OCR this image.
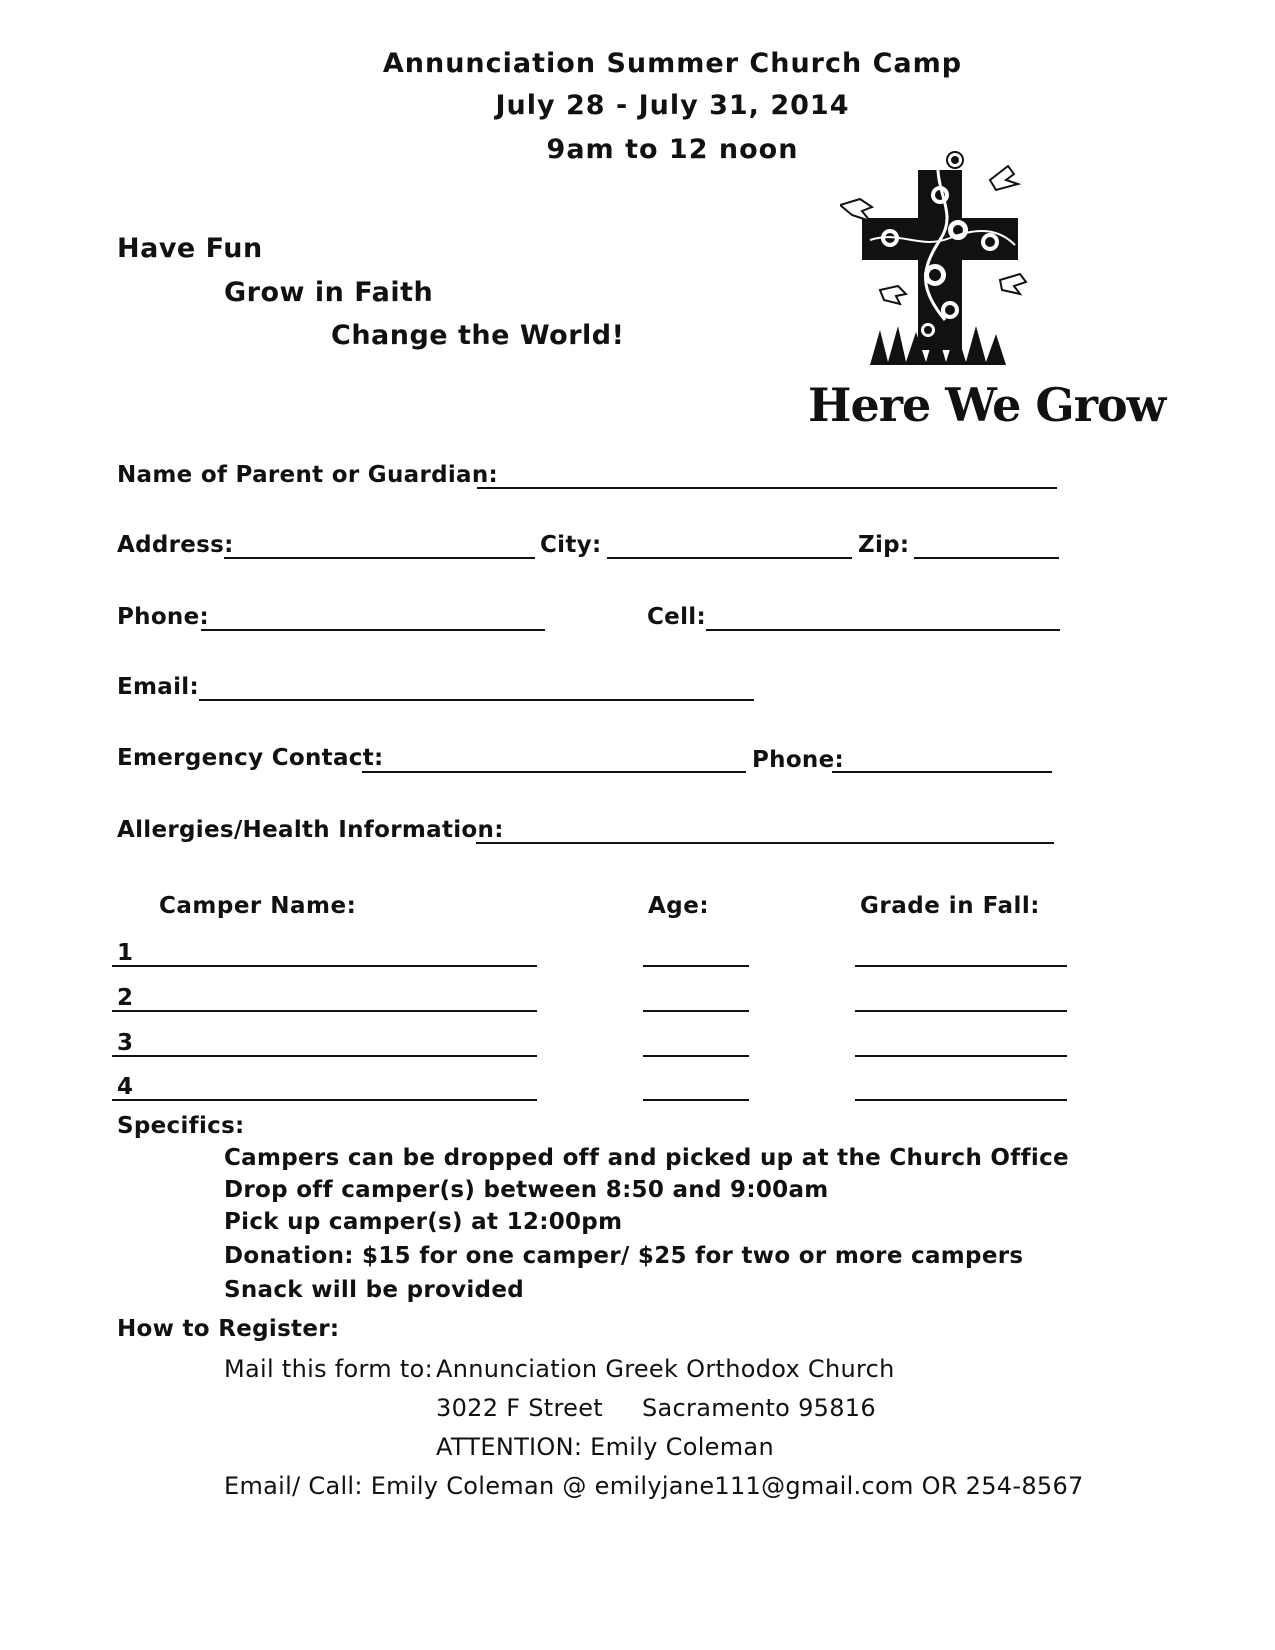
Annunciation Summer Church Camp
July 28 - July 31, 2014
9am to 12 noon
Have Fun
Grow in Faith
Change the World!
Here We Grow
Name of Parent or Guardian:
Address:	City:	Zip:
Phone:	Cell:
Email:
Emergency Contact:	Phone:
Allergies/Health Information:
Camper Name:	Age:	Grade in Fall:
1
2
3
4
Specifics:
Campers can be dropped off and picked up at the Church Office
Drop off camper(s) between 8:50 and 9:00am
Pick up camper(s) at 12:00pm
Donation: $15 for one camper/ $25 for two or more campers
Snack will be provided
How to Register:
Mail this form to: Annunciation Greek Orthodox Church
3022 F Street Sacramento 95816
ATTENTION: Emily Coleman
Email/ Call: Emily Coleman @ emilyjane111@gmail.com OR 254-8567
